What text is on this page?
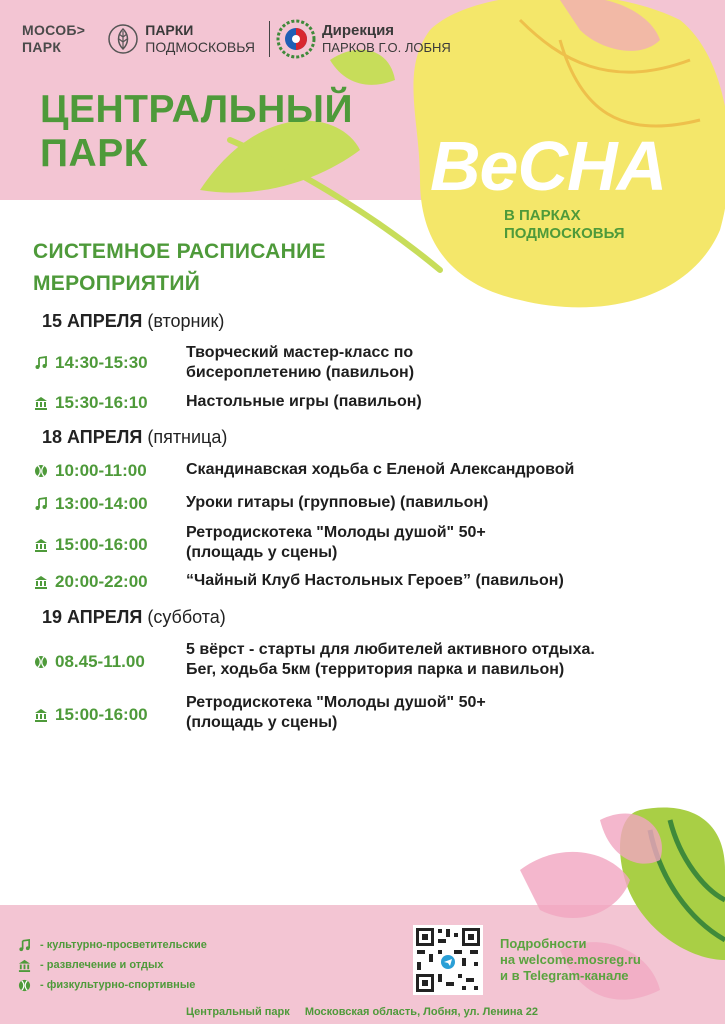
МОСОБ>
ПАРК
ПАРКИ
ПОДМОСКОВЬЯ
Дирекция
ПАРКОВ Г.О. ЛОБНЯ
ЦЕНТРАЛЬНЫЙ
ПАРК	ВеСНА
В ПАРКАХ
ПОДМОСКОВЬЯ
СИСТЕМНОЕ РАСПИСАНИЕ
МЕРОПРИЯТИЙ
15 АПРЕЛЯ (вторник)
14:30-15:30
Творческий мастер-класс по
бисероплетению (павильон)
15:30-16:10 Настольные игры (павильон)
18 АПРЕЛЯ (пятница)
10:00-11:00 Скандинавская ходьба с Еленой Александровой
13:00-14:00 Уроки гитары (групповые) (павильон)
15:00-16:00
Ретродискотека "Молоды душой" 50+
(площадь у сцены)
20:00-22:00 “Чайный Клуб Настольных Героев” (павильон)
19 АПРЕЛЯ (суббота)
08.45-11.00
5 вёрст - старты для любителей активного отдыха.
Бег, ходьба 5км (территория парка и павильон)
15:00-16:00
Ретродискотека "Молоды душой" 50+
(площадь у сцены)
- культурно-просветительские
- развлечение и отдых
- физкультурно-спортивные
Подробности
на welcome.mosreg.ru
и в Telegram-канале
Центральный парк Московская область, Лобня, ул. Ленина 22
